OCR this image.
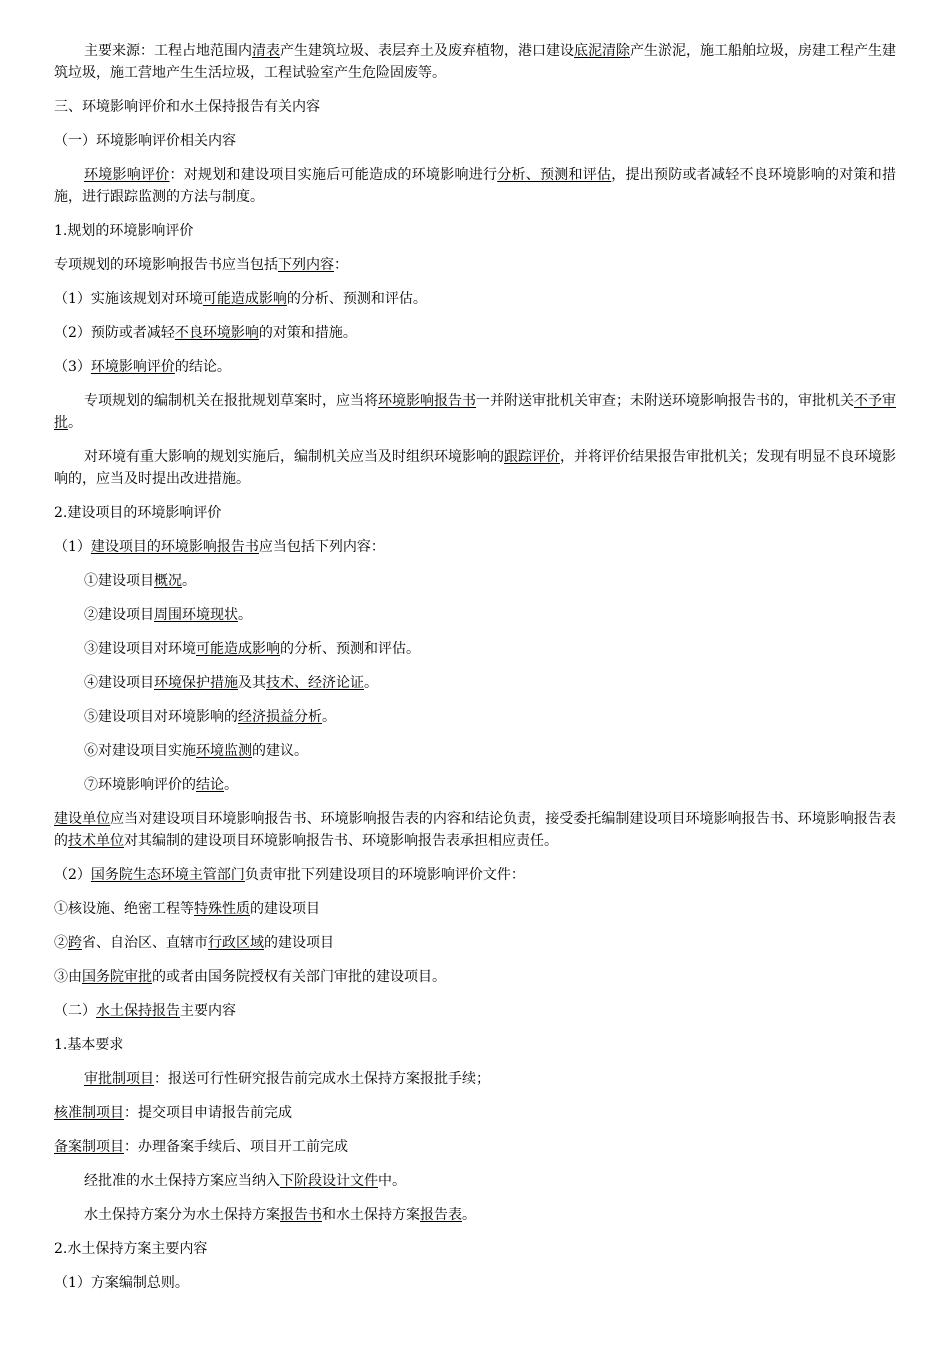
主要来源：工程占地范围内清表产生建筑垃圾、表层弃土及废弃植物，港口建设底泥清除产生淤泥，施工船舶垃圾，房建工程产生建筑垃圾，施工营地产生生活垃圾，工程试验室产生危险固废等。

三、环境影响评价和水土保持报告有关内容

（一）环境影响评价相关内容

环境影响评价：对规划和建设项目实施后可能造成的环境影响进行分析、预测和评估，提出预防或者减轻不良环境影响的对策和措施，进行跟踪监测的方法与制度。

1.规划的环境影响评价

专项规划的环境影响报告书应当包括下列内容：

（1）实施该规划对环境可能造成影响的分析、预测和评估。

（2）预防或者减轻不良环境影响的对策和措施。

（3）环境影响评价的结论。

专项规划的编制机关在报批规划草案时，应当将环境影响报告书一并附送审批机关审查；未附送环境影响报告书的，审批机关不予审批。

对环境有重大影响的规划实施后，编制机关应当及时组织环境影响的跟踪评价，并将评价结果报告审批机关；发现有明显不良环境影响的，应当及时提出改进措施。

2.建设项目的环境影响评价

（1）建设项目的环境影响报告书应当包括下列内容：

①建设项目概况。

②建设项目周围环境现状。

③建设项目对环境可能造成影响的分析、预测和评估。

④建设项目环境保护措施及其技术、经济论证。

⑤建设项目对环境影响的经济损益分析。

⑥对建设项目实施环境监测的建议。

⑦环境影响评价的结论。

建设单位应当对建设项目环境影响报告书、环境影响报告表的内容和结论负责，接受委托编制建设项目环境影响报告书、环境影响报告表的技术单位对其编制的建设项目环境影响报告书、环境影响报告表承担相应责任。

（2）国务院生态环境主管部门负责审批下列建设项目的环境影响评价文件：

①核设施、绝密工程等特殊性质的建设项目

②跨省、自治区、直辖市行政区域的建设项目

③由国务院审批的或者由国务院授权有关部门审批的建设项目。

（二）水土保持报告主要内容

1.基本要求

审批制项目：报送可行性研究报告前完成水土保持方案报批手续；

核准制项目：提交项目申请报告前完成

备案制项目：办理备案手续后、项目开工前完成

经批准的水土保持方案应当纳入下阶段设计文件中。

水土保持方案分为水土保持方案报告书和水土保持方案报告表。

2.水土保持方案主要内容

（1）方案编制总则。
